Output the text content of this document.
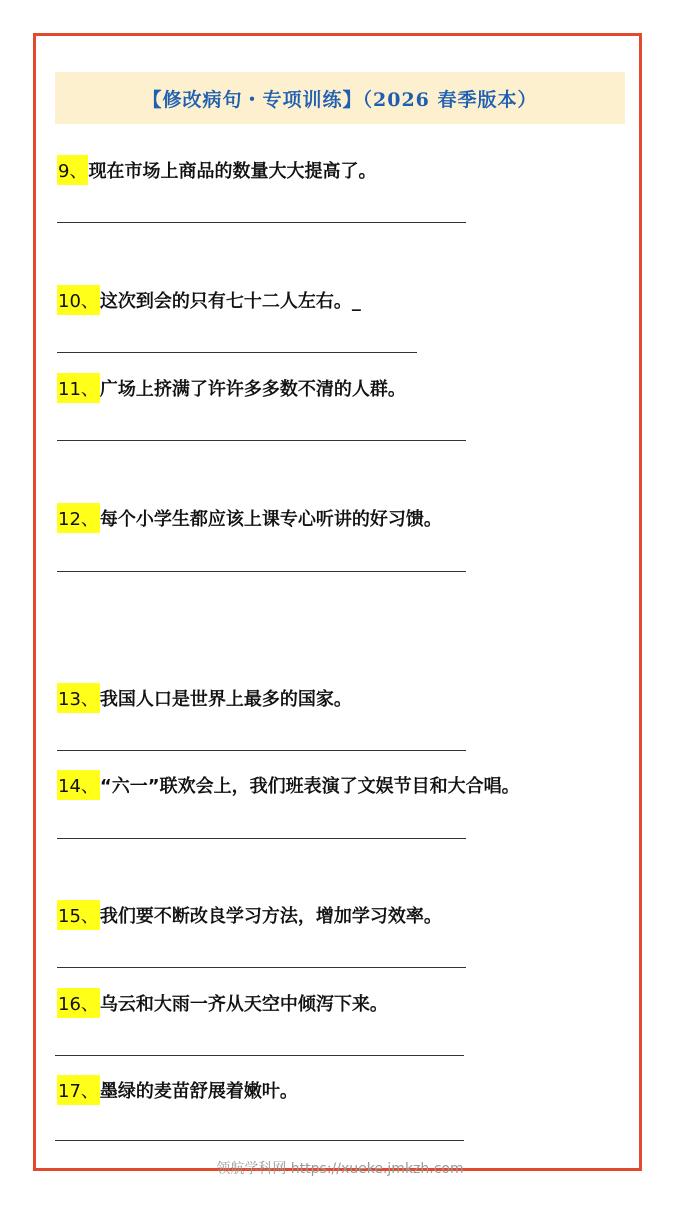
【修改病句・专项训练】（2026 春季版本）
9、 现在市场上商品的数量大大提高了。
10、 这次到会的只有七十二人左右。_
11、 广场上挤满了许许多多数不清的人群。
12、 每个小学生都应该上课专心听讲的好习馈。
13、 我国人口是世界上最多的国家。
14、 “六一”联欢会上，我们班表演了文娱节目和大合唱。
15、 我们要不断改良学习方法，增加学习效率。
16、 乌云和大雨一齐从天空中倾泻下来。
17、 墨绿的麦苗舒展着嫩叶。
领航学科网 https://xueke.jmkzh.com
